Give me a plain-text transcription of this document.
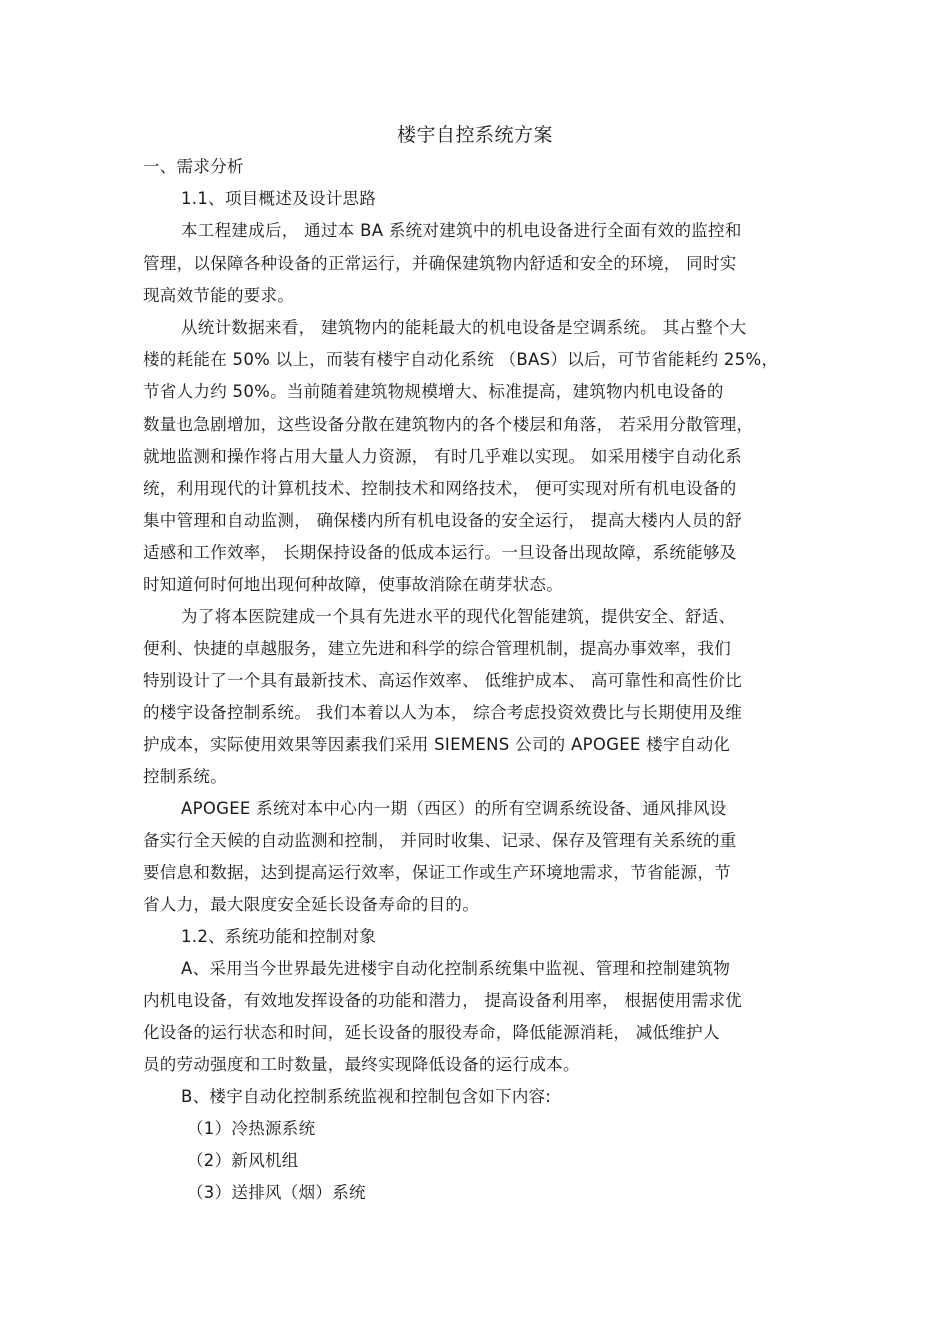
楼宇自控系统方案
一、需求分析
1.1、项目概述及设计思路
本工程建成后， 通过本 BA 系统对建筑中的机电设备进行全面有效的监控和
管理，以保障各种设备的正常运行，并确保建筑物内舒适和安全的环境， 同时实
现高效节能的要求。
从统计数据来看， 建筑物内的能耗最大的机电设备是空调系统。 其占整个大
楼的耗能在 50% 以上，而装有楼宇自动化系统 （BAS）以后，可节省能耗约 25%，
节省人力约 50%。当前随着建筑物规模增大、标准提高，建筑物内机电设备的
数量也急剧增加，这些设备分散在建筑物内的各个楼层和角落， 若采用分散管理，
就地监测和操作将占用大量人力资源， 有时几乎难以实现。 如采用楼宇自动化系
统，利用现代的计算机技术、控制技术和网络技术， 便可实现对所有机电设备的
集中管理和自动监测， 确保楼内所有机电设备的安全运行， 提高大楼内人员的舒
适感和工作效率， 长期保持设备的低成本运行。一旦设备出现故障，系统能够及
时知道何时何地出现何种故障，使事故消除在萌芽状态。
为了将本医院建成一个具有先进水平的现代化智能建筑，提供安全、舒适、
便利、快捷的卓越服务，建立先进和科学的综合管理机制，提高办事效率，我们
特别设计了一个具有最新技术、高运作效率、 低维护成本、 高可靠性和高性价比
的楼宇设备控制系统。 我们本着以人为本， 综合考虑投资效费比与长期使用及维
护成本，实际使用效果等因素我们采用 SIEMENS 公司的 APOGEE 楼宇自动化
控制系统。
APOGEE 系统对本中心内一期（西区）的所有空调系统设备、通风排风设
备实行全天候的自动监测和控制， 并同时收集、记录、保存及管理有关系统的重
要信息和数据，达到提高运行效率，保证工作或生产环境地需求，节省能源，节
省人力，最大限度安全延长设备寿命的目的。
1.2、系统功能和控制对象
A、采用当今世界最先进楼宇自动化控制系统集中监视、管理和控制建筑物
内机电设备，有效地发挥设备的功能和潜力， 提高设备利用率， 根据使用需求优
化设备的运行状态和时间，延长设备的服役寿命，降低能源消耗， 减低维护人
员的劳动强度和工时数量，最终实现降低设备的运行成本。
B、楼宇自动化控制系统监视和控制包含如下内容:
（1）冷热源系统
（2）新风机组
（3）送排风（烟）系统
